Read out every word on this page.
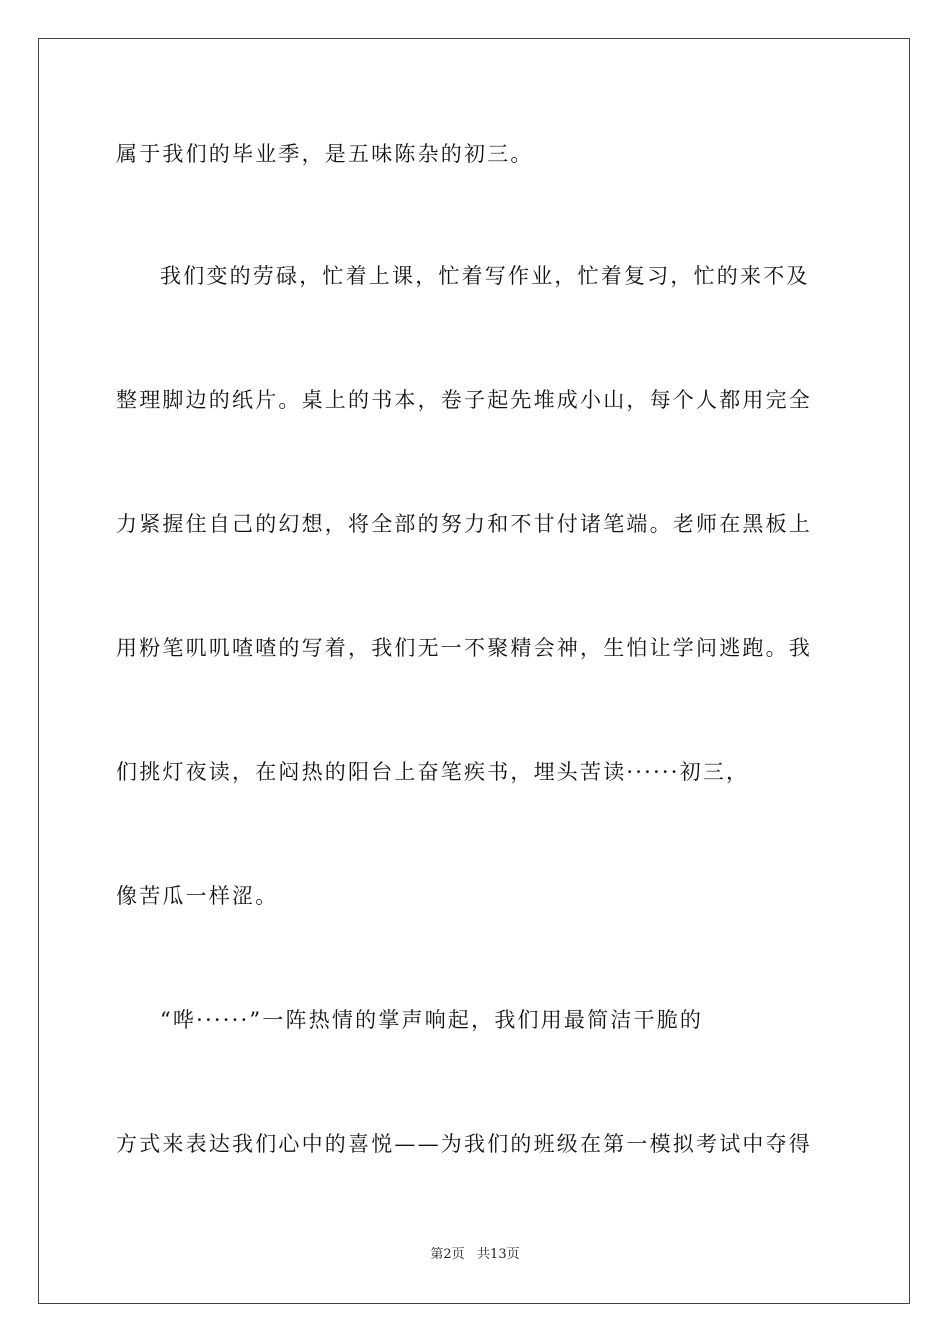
属于我们的毕业季，是五味陈杂的初三。
我们变的劳碌，忙着上课，忙着写作业，忙着复习，忙的来不及
整理脚边的纸片。桌上的书本，卷子起先堆成小山，每个人都用完全
力紧握住自己的幻想，将全部的努力和不甘付诸笔端。老师在黑板上
用粉笔叽叽喳喳的写着，我们无一不聚精会神，生怕让学问逃跑。我
们挑灯夜读，在闷热的阳台上奋笔疾书，埋头苦读······初三，
像苦瓜一样涩。
“哗······”一阵热情的掌声响起，我们用最简洁干脆的
方式来表达我们心中的喜悦——为我们的班级在第一模拟考试中夺得
第2页   共13页
